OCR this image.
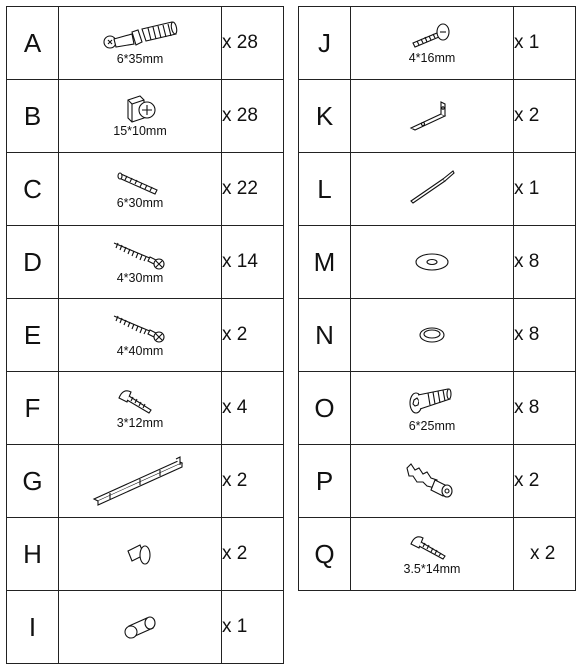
A	6*35mm	x 28
B	15*10mm	x 28
C	6*30mm	x 22
D	4*30mm	x 14
E	4*40mm	x 2
F	3*12mm	x 4
G		x 2
H		x 2
I		x 1
J	4*16mm	x 1
K		x 2
L		x 1
M		x 8
N		x 8
O	6*25mm	x 8
P		x 2
Q	3.5*14mm	x 2
